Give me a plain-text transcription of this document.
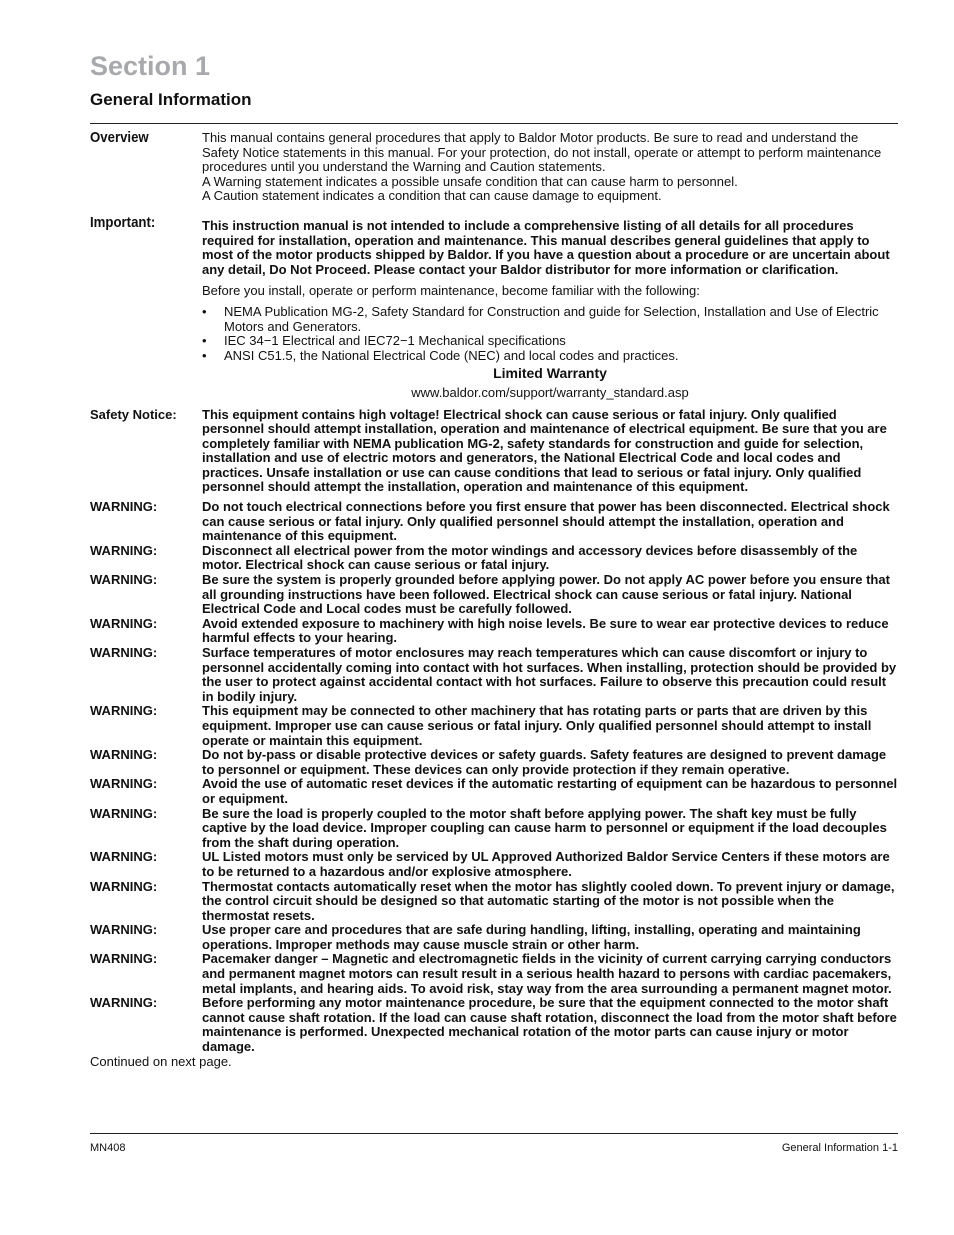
Section 1
General Information
Overview	This manual contains general procedures that apply to Baldor Motor products. Be sure to read and understand the Safety Notice statements in this manual. For your protection, do not install, operate or attempt to perform maintenance procedures until you understand the Warning and Caution statements.

A Warning statement indicates a possible unsafe condition that can cause harm to personnel.

A Caution statement indicates a condition that can cause damage to equipment.

Important:	This instruction manual is not intended to include a comprehensive listing of all details for all procedures required for installation, operation and maintenance. This manual describes general guidelines that apply to most of the motor products shipped by Baldor. If you have a question about a procedure or are uncertain about any detail, Do Not Proceed. Please contact your Baldor distributor for more information or clarification.

Before you install, operate or perform maintenance, become familiar with the following:

• NEMA Publication MG-2, Safety Standard for Construction and guide for Selection, Installation and Use of Electric Motors and Generators.
• IEC 34−1 Electrical and IEC72−1 Mechanical specifications
• ANSI C51.5, the National Electrical Code (NEC) and local codes and practices.
Limited Warranty
www.baldor.com/support/warranty_standard.asp
Safety Notice:	This equipment contains high voltage! Electrical shock can cause serious or fatal injury. Only qualified personnel should attempt installation, operation and maintenance of electrical equipment. Be sure that you are completely familiar with NEMA publication MG-2, safety standards for construction and guide for selection, installation and use of electric motors and generators, the National Electrical Code and local codes and practices. Unsafe installation or use can cause conditions that lead to serious or fatal injury. Only qualified personnel should attempt the installation, operation and maintenance of this equipment.
WARNING:	Do not touch electrical connections before you first ensure that power has been disconnected. Electrical shock can cause serious or fatal injury. Only qualified personnel should attempt the installation, operation and maintenance of this equipment.
WARNING:	Disconnect all electrical power from the motor windings and accessory devices before disassembly of the motor. Electrical shock can cause serious or fatal injury.
WARNING:	Be sure the system is properly grounded before applying power. Do not apply AC power before you ensure that all grounding instructions have been followed. Electrical shock can cause serious or fatal injury. National Electrical Code and Local codes must be carefully followed.
WARNING:	Avoid extended exposure to machinery with high noise levels. Be sure to wear ear protective devices to reduce harmful effects to your hearing.
WARNING:	Surface temperatures of motor enclosures may reach temperatures which can cause discomfort or injury to personnel accidentally coming into contact with hot surfaces. When installing, protection should be provided by the user to protect against accidental contact with hot surfaces. Failure to observe this precaution could result in bodily injury.
WARNING:	This equipment may be connected to other machinery that has rotating parts or parts that are driven by this equipment. Improper use can cause serious or fatal injury. Only qualified personnel should attempt to install operate or maintain this equipment.
WARNING:	Do not by-pass or disable protective devices or safety guards. Safety features are designed to prevent damage to personnel or equipment. These devices can only provide protection if they remain operative.
WARNING:	Avoid the use of automatic reset devices if the automatic restarting of equipment can be hazardous to personnel or equipment.
WARNING:	Be sure the load is properly coupled to the motor shaft before applying power. The shaft key must be fully captive by the load device. Improper coupling can cause harm to personnel or equipment if the load decouples from the shaft during operation.
WARNING:	UL Listed motors must only be serviced by UL Approved Authorized Baldor Service Centers if these motors are to be returned to a hazardous and/or explosive atmosphere.
WARNING:	Thermostat contacts automatically reset when the motor has slightly cooled down. To prevent injury or damage, the control circuit should be designed so that automatic starting of the motor is not possible when the thermostat resets.
WARNING:	Use proper care and procedures that are safe during handling, lifting, installing, operating and maintaining operations. Improper methods may cause muscle strain or other harm.
WARNING:	Pacemaker danger – Magnetic and electromagnetic fields in the vicinity of current carrying carrying conductors and permanent magnet motors can result result in a serious health hazard to persons with cardiac pacemakers, metal implants, and hearing aids. To avoid risk, stay way from the area surrounding a permanent magnet motor.
WARNING:	Before performing any motor maintenance procedure, be sure that the equipment connected to the motor shaft cannot cause shaft rotation. If the load can cause shaft rotation, disconnect the load from the motor shaft before maintenance is performed. Unexpected mechanical rotation of the motor parts can cause injury or motor damage.

Continued on next page.

MN408	General Information 1-1
